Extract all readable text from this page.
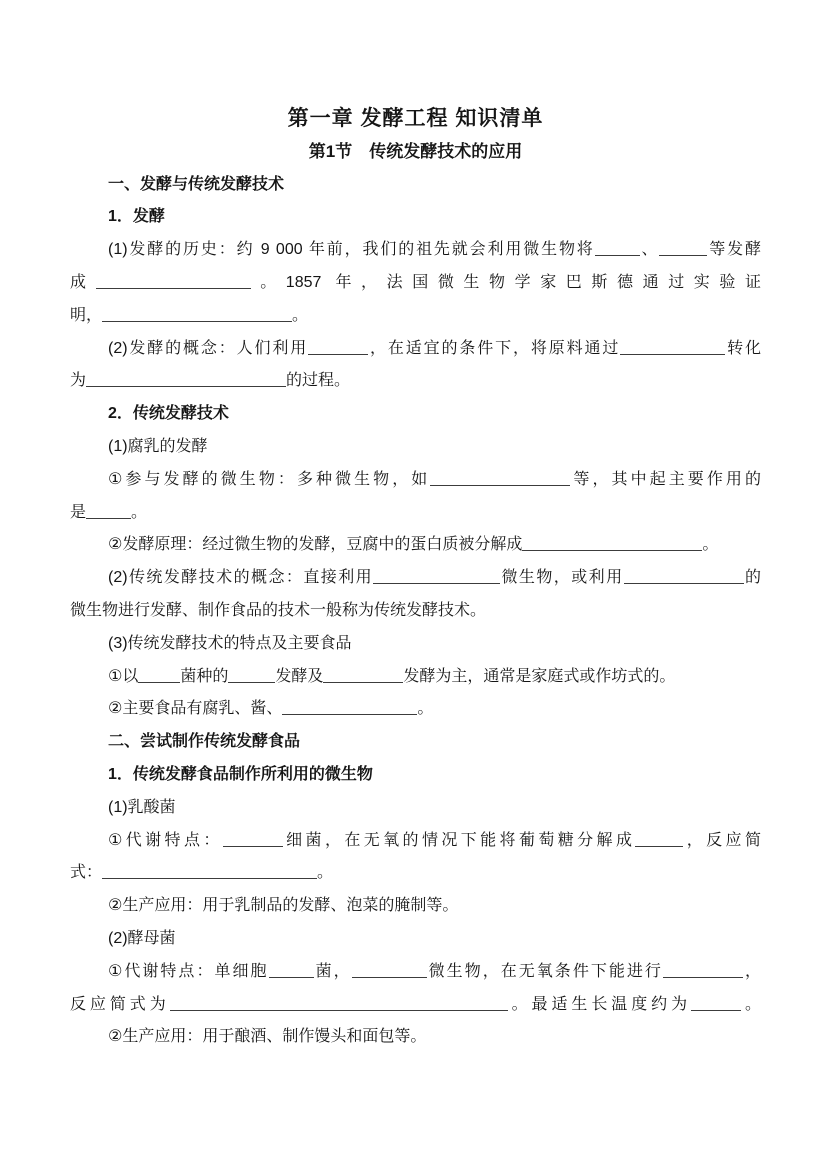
第一章 发酵工程 知识清单
第1节　传统发酵技术的应用
一、发酵与传统发酵技术
1．发酵
(1)发酵的历史：约 9 000 年前，我们的祖先就会利用微生物将	、	等发酵
成	。1857 年，法国微生物学家巴斯德通过实验证
明，	。
(2)发酵的概念：人们利用	，在适宜的条件下，将原料通过	转化
为	的过程。
2．传统发酵技术
(1)腐乳的发酵
①参与发酵的微生物：多种微生物，如	等，其中起主要作用的
是	。
②发酵原理：经过微生物的发酵，豆腐中的蛋白质被分解成	。
(2)传统发酵技术的概念：直接利用	微生物，或利用	的
微生物进行发酵、制作食品的技术一般称为传统发酵技术。
(3)传统发酵技术的特点及主要食品
①以	菌种的	发酵及	发酵为主，通常是家庭式或作坊式的。
②主要食品有腐乳、酱、	。
二、尝试制作传统发酵食品
1．传统发酵食品制作所利用的微生物
(1)乳酸菌
①代谢特点：	细菌，在无氧的情况下能将葡萄糖分解成	，反应简
式：	。
②生产应用：用于乳制品的发酵、泡菜的腌制等。
(2)酵母菌
①代谢特点：单细胞	菌，	微生物，在无氧条件下能进行	，
反应简式为	。最适生长温度约为	。
②生产应用：用于酿酒、制作馒头和面包等。
